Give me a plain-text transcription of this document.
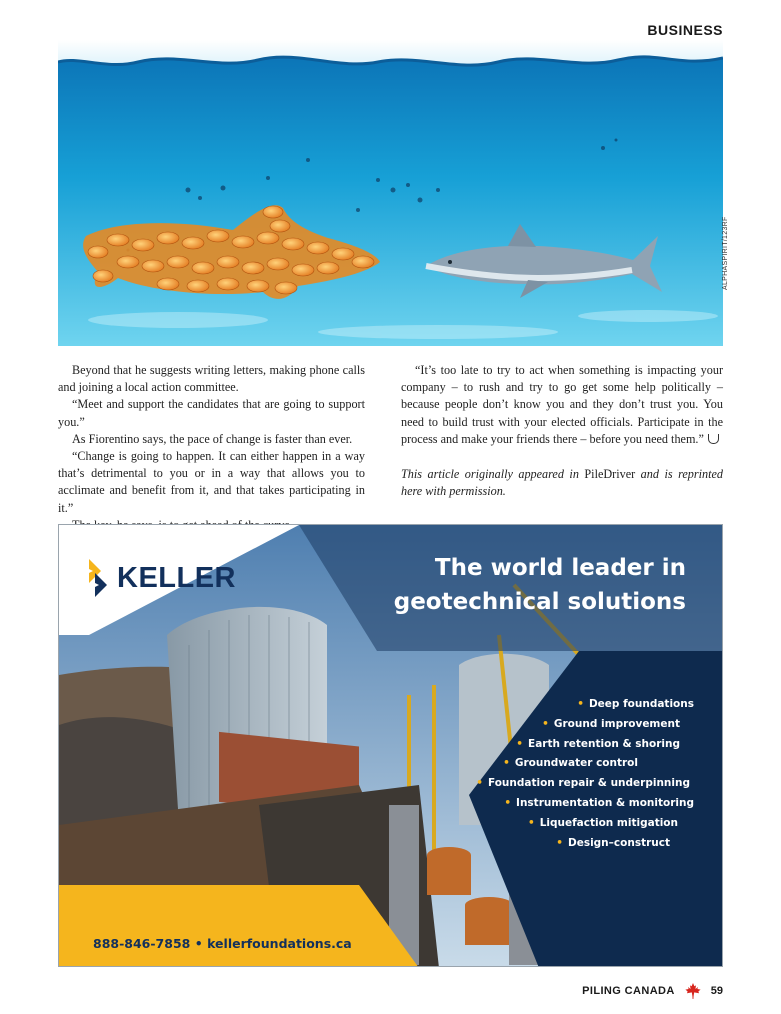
BUSINESS
ALPHASPIRIT/123RF

Beyond that he suggests writing letters, making phone calls and joining a local action committee.

“Meet and support the candidates that are going to support you.”

As Fiorentino says, the pace of change is faster than ever.

“Change is going to happen. It can either happen in a way that’s detrimental to you or in a way that allows you to acclimate and benefit from it, and that takes participating in it.”

“It’s too late to try to act when something is impacting your company – to rush and try to go get some help politically – because people don’t know you and they don’t trust you. You need to build trust with your elected officials. Participate in the process and make your friends there – before you need them.”

This article originally appeared in PileDriver and is reprinted here with permission.

KELLER	The world leader in
geotechnical solutions
• Deep foundations
• Ground improvement
• Earth retention & shoring
• Groundwater control
• Foundation repair & underpinning
• Instrumentation & monitoring
• Liquefaction mitigation
• Design–construct
888-846-7858 • kellerfoundations.ca
PILING CANADA	59
